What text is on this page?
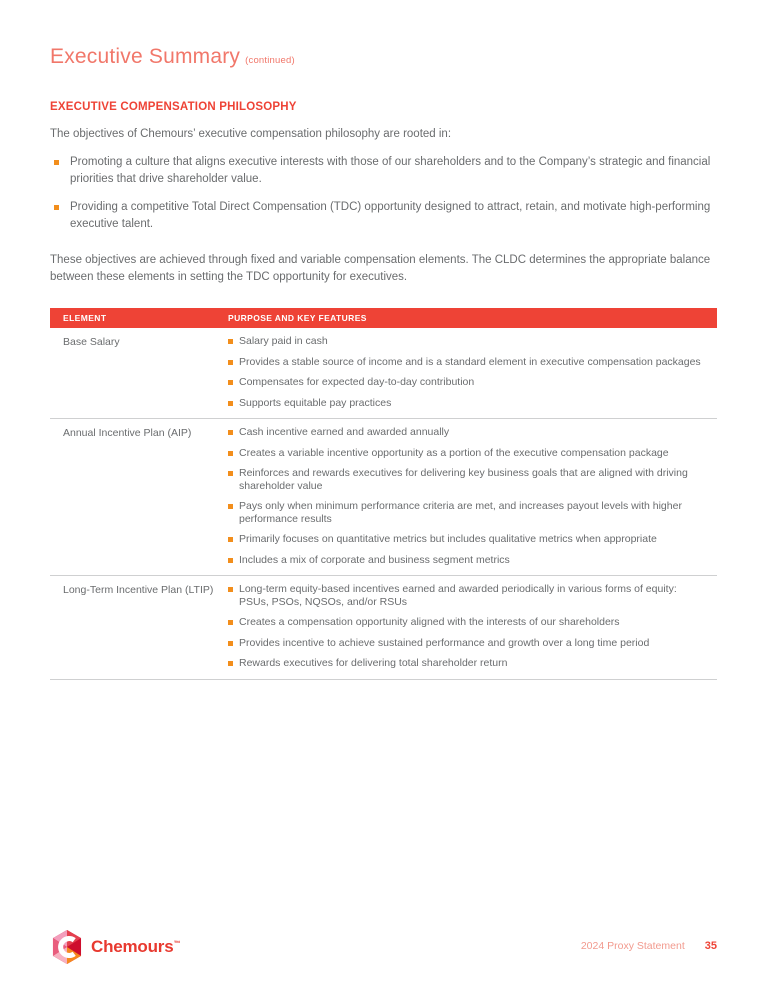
Executive Summary (continued)
EXECUTIVE COMPENSATION PHILOSOPHY

The objectives of Chemours’ executive compensation philosophy are rooted in:

Promoting a culture that aligns executive interests with those of our shareholders and to the Company’s strategic and financial priorities that drive shareholder value.
Providing a competitive Total Direct Compensation (TDC) opportunity designed to attract, retain, and motivate high-performing executive talent.

These objectives are achieved through fixed and variable compensation elements. The CLDC determines the appropriate balance between these elements in setting the TDC opportunity for executives.

ELEMENT	PURPOSE AND KEY FEATURES
Base Salary	Salary paid in cash
Provides a stable source of income and is a standard element in executive compensation packages
Compensates for expected day-to-day contribution
Supports equitable pay practices
Annual Incentive Plan (AIP)	Cash incentive earned and awarded annually
Creates a variable incentive opportunity as a portion of the executive compensation package
Reinforces and rewards executives for delivering key business goals that are aligned with driving shareholder value
Pays only when minimum performance criteria are met, and increases payout levels with higher performance results
Primarily focuses on quantitative metrics but includes qualitative metrics when appropriate
Includes a mix of corporate and business segment metrics
Long-Term Incentive Plan (LTIP)	Long-term equity-based incentives earned and awarded periodically in various forms of equity: PSUs, PSOs, NQSOs, and/or RSUs
Creates a compensation opportunity aligned with the interests of our shareholders
Provides incentive to achieve sustained performance and growth over a long time period
Rewards executives for delivering total shareholder return
Chemours™	2024 Proxy Statement 35
